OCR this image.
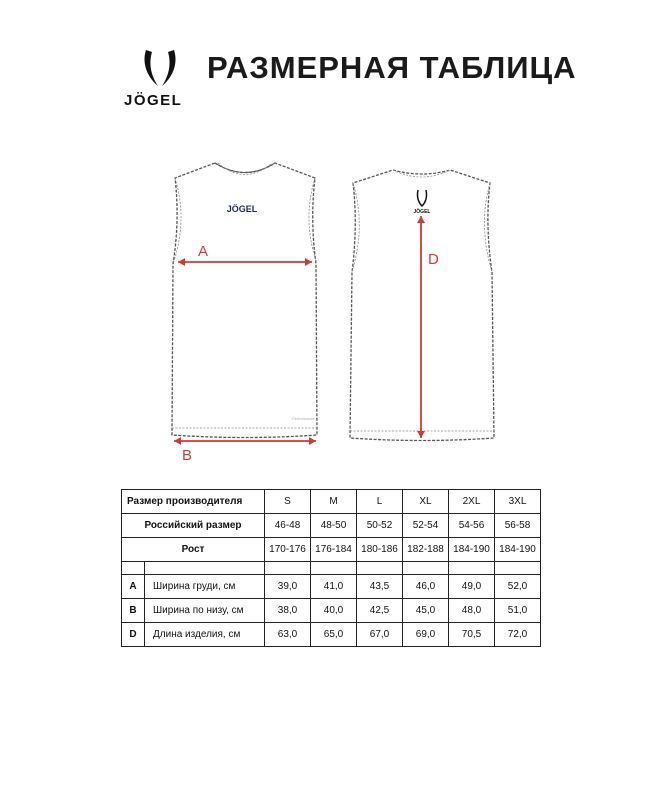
JÖGEL
РАЗМЕРНАЯ ТАБЛИЦА
JÖGEL
Performance
A
B
JÖGEL
D
Размер производителя		S	M	L	XL	2XL	3XL
Российский размер		46-48	48-50	50-52	52-54	54-56	56-58
Рост		170-176	176-184	180-186	182-188	184-190	184-190

A	Ширина груди, см	39,0	41,0	43,5	46,0	49,0	52,0
B	Ширина по низу, см	38,0	40,0	42,5	45,0	48,0	51,0
D	Длина изделия, см	63,0	65,0	67,0	69,0	70,5	72,0
